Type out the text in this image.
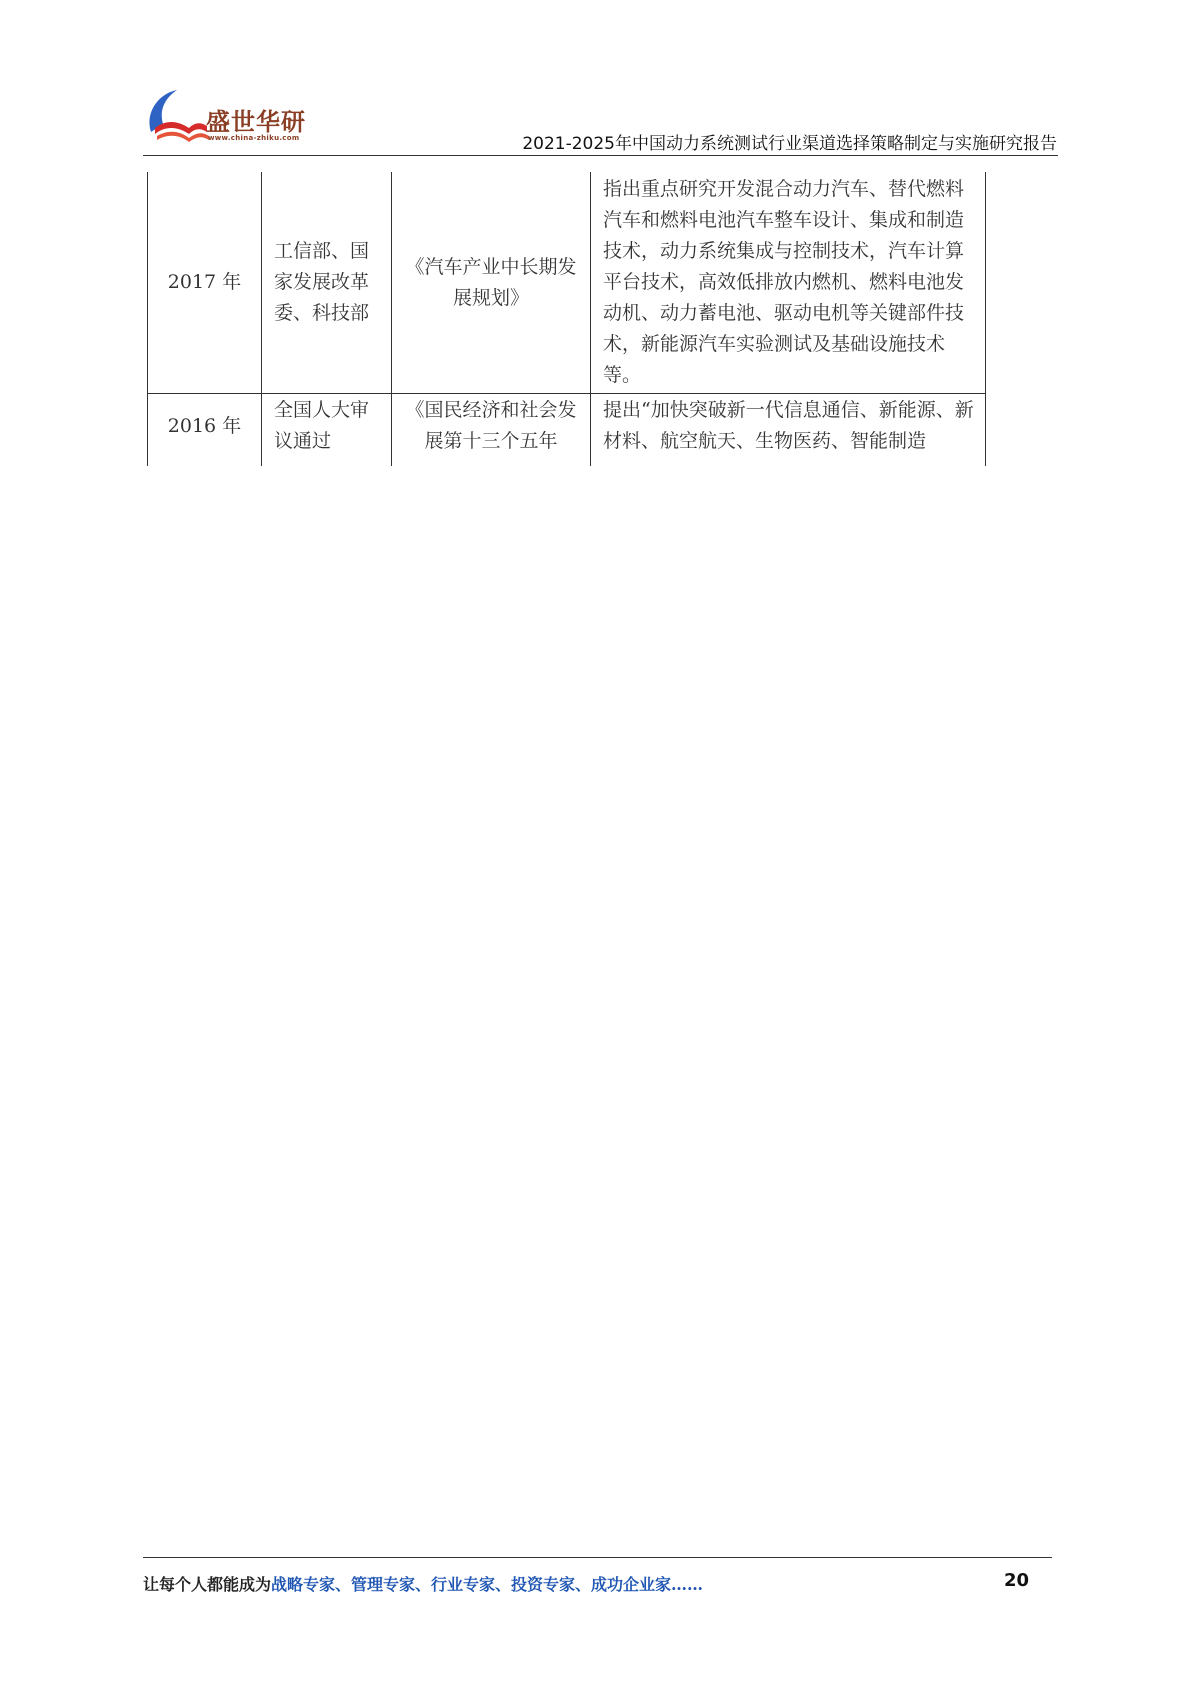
盛世华研
www.china-zhiku.com	2021-2025年中国动力系统测试行业渠道选择策略制定与实施研究报告
2017 年	工信部、国家发展改革委、科技部	《汽车产业中长期发展规划》	指出重点研究开发混合动力汽车、替代燃料汽车和燃料电池汽车整车设计、集成和制造技术，动力系统集成与控制技术，汽车计算平台技术，高效低排放内燃机、燃料电池发动机、动力蓄电池、驱动电机等关键部件技术，新能源汽车实验测试及基础设施技术等。
2016 年	全国人大审议通过	《国民经济和社会发展第十三个五年	提出“加快突破新一代信息通信、新能源、新材料、航空航天、生物医药、智能制造
让每个人都能成为战略专家、管理专家、行业专家、投资专家、成功企业家……	20
